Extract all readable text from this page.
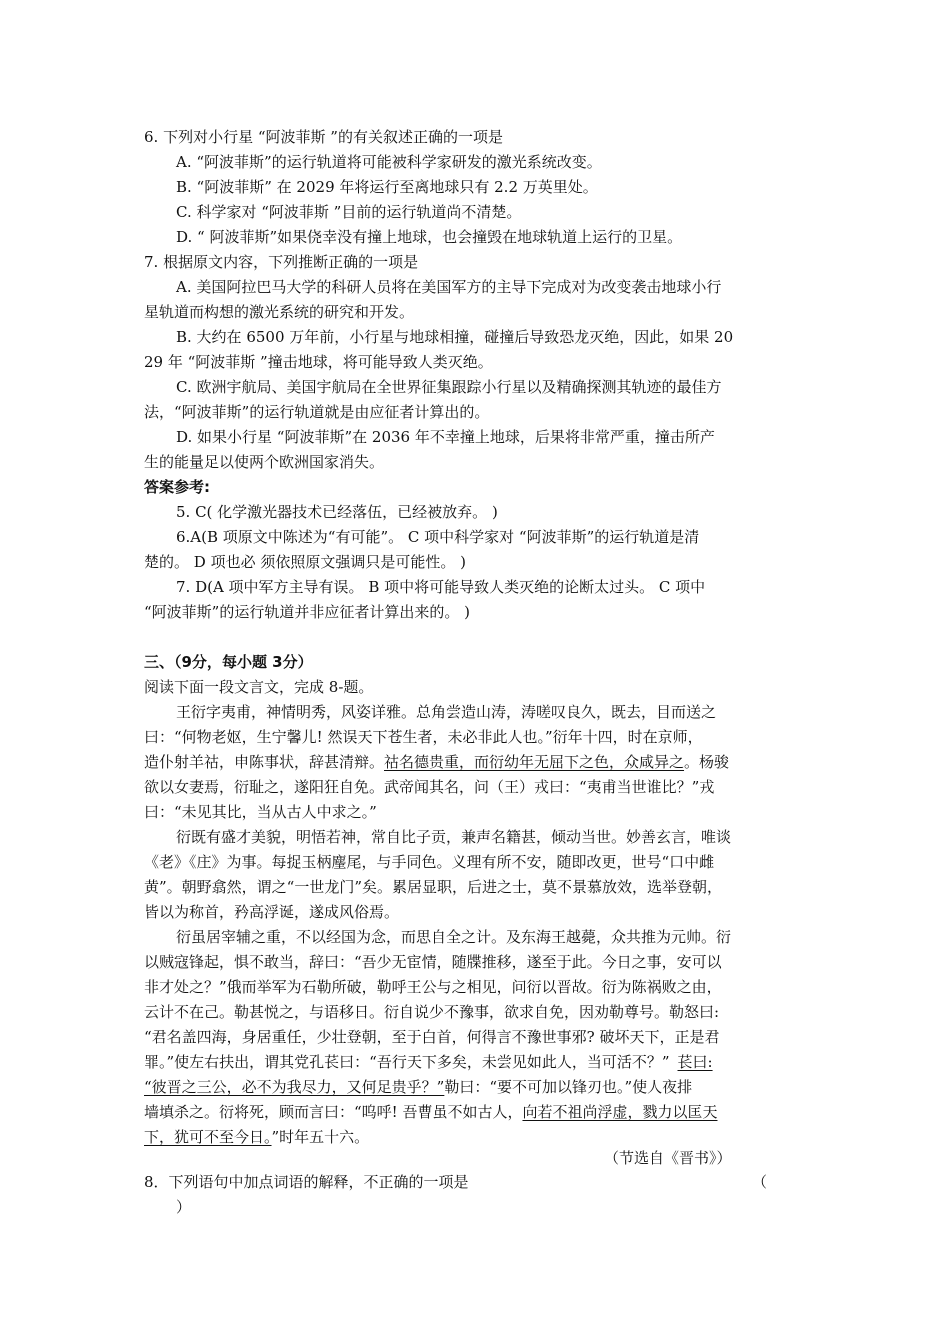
6. 下列对小行星 “阿波菲斯 ”的有关叙述正确的一项是
A. “阿波菲斯”的运行轨道将可能被科学家研发的激光系统改变。
B. “阿波菲斯” 在 2029 年将运行至离地球只有 2.2 万英里处。
C. 科学家对 “阿波菲斯 ”目前的运行轨道尚不清楚。
D. “ 阿波菲斯”如果侥幸没有撞上地球，也会撞毁在地球轨道上运行的卫星。
7. 根据原文内容，下列推断正确的一项是
A. 美国阿拉巴马大学的科研人员将在美国军方的主导下完成对为改变袭击地球小行
星轨道而构想的激光系统的研究和开发。
B. 大约在 6500 万年前，小行星与地球相撞，碰撞后导致恐龙灭绝，因此，如果 20
29 年 “阿波菲斯 ”撞击地球，将可能导致人类灭绝。
C. 欧洲宇航局、美国宇航局在全世界征集跟踪小行星以及精确探测其轨迹的最佳方
法，“阿波菲斯”的运行轨道就是由应征者计算出的。
D. 如果小行星 “阿波菲斯”在 2036 年不幸撞上地球，后果将非常严重，撞击所产
生的能量足以使两个欧洲国家消失。
答案参考:
5. C( 化学激光器技术已经落伍，已经被放弃。 )
6.A(B 项原文中陈述为“有可能”。 C 项中科学家对 “阿波菲斯”的运行轨道是清
楚的。 D 项也必 须依照原文强调只是可能性。 )
7. D(A 项中军方主导有误。 B 项中将可能导致人类灭绝的论断太过头。 C 项中
“阿波菲斯”的运行轨道并非应征者计算出来的。 )
三、（9分，每小题 3分）
阅读下面一段文言文，完成 8-题。
王衍字夷甫，神情明秀，风姿详雅。总角尝造山涛，涛嗟叹良久，既去，目而送之
曰：“何物老妪，生宁馨儿! 然误天下苍生者，未必非此人也。”衍年十四，时在京师，
造仆射羊祜，申陈事状，辞甚清辩。祜名德贵重，而衍幼年无屈下之色，众咸异之。杨骏
欲以女妻焉，衍耻之，遂阳狂自免。武帝闻其名，问（王）戎曰：“夷甫当世谁比？”戎
曰：“未见其比，当从古人中求之。”
衍既有盛才美貌，明悟若神，常自比子贡，兼声名籍甚，倾动当世。妙善玄言，唯谈
《老》《庄》为事。每捉玉柄麈尾，与手同色。义理有所不安，随即改更，世号“口中雌
黄”。朝野翕然，谓之“一世龙门”矣。累居显职，后进之士，莫不景慕放效，选举登朝，
皆以为称首，矜高浮诞，遂成风俗焉。
衍虽居宰辅之重，不以经国为念，而思自全之计。及东海王越薨，众共推为元帅。衍
以贼寇锋起，惧不敢当，辞曰：“吾少无宦情，随牒推移，遂至于此。今日之事，安可以
非才处之？”俄而举军为石勒所破，勒呼王公与之相见，问衍以晋故。衍为陈祸败之由，
云计不在己。勒甚悦之，与语移日。衍自说少不豫事，欲求自免，因劝勒尊号。勒怒曰:
“君名盖四海，身居重任，少壮登朝，至于白首，何得言不豫世事邪? 破坏天下，正是君
罪。”使左右扶出，谓其党孔苌曰：“吾行天下多矣，未尝见如此人，当可活不？” 苌曰:
“彼晋之三公，必不为我尽力，又何足贵乎？”勒曰：“要不可加以锋刃也。”使人夜排
墙填杀之。衍将死，顾而言曰：“呜呼! 吾曹虽不如古人，向若不祖尚浮虚，戮力以匡天
下，犹可不至今日。”时年五十六。
（节选自《晋书》）
8．下列语句中加点词语的解释，不正确的一项是	（
）
